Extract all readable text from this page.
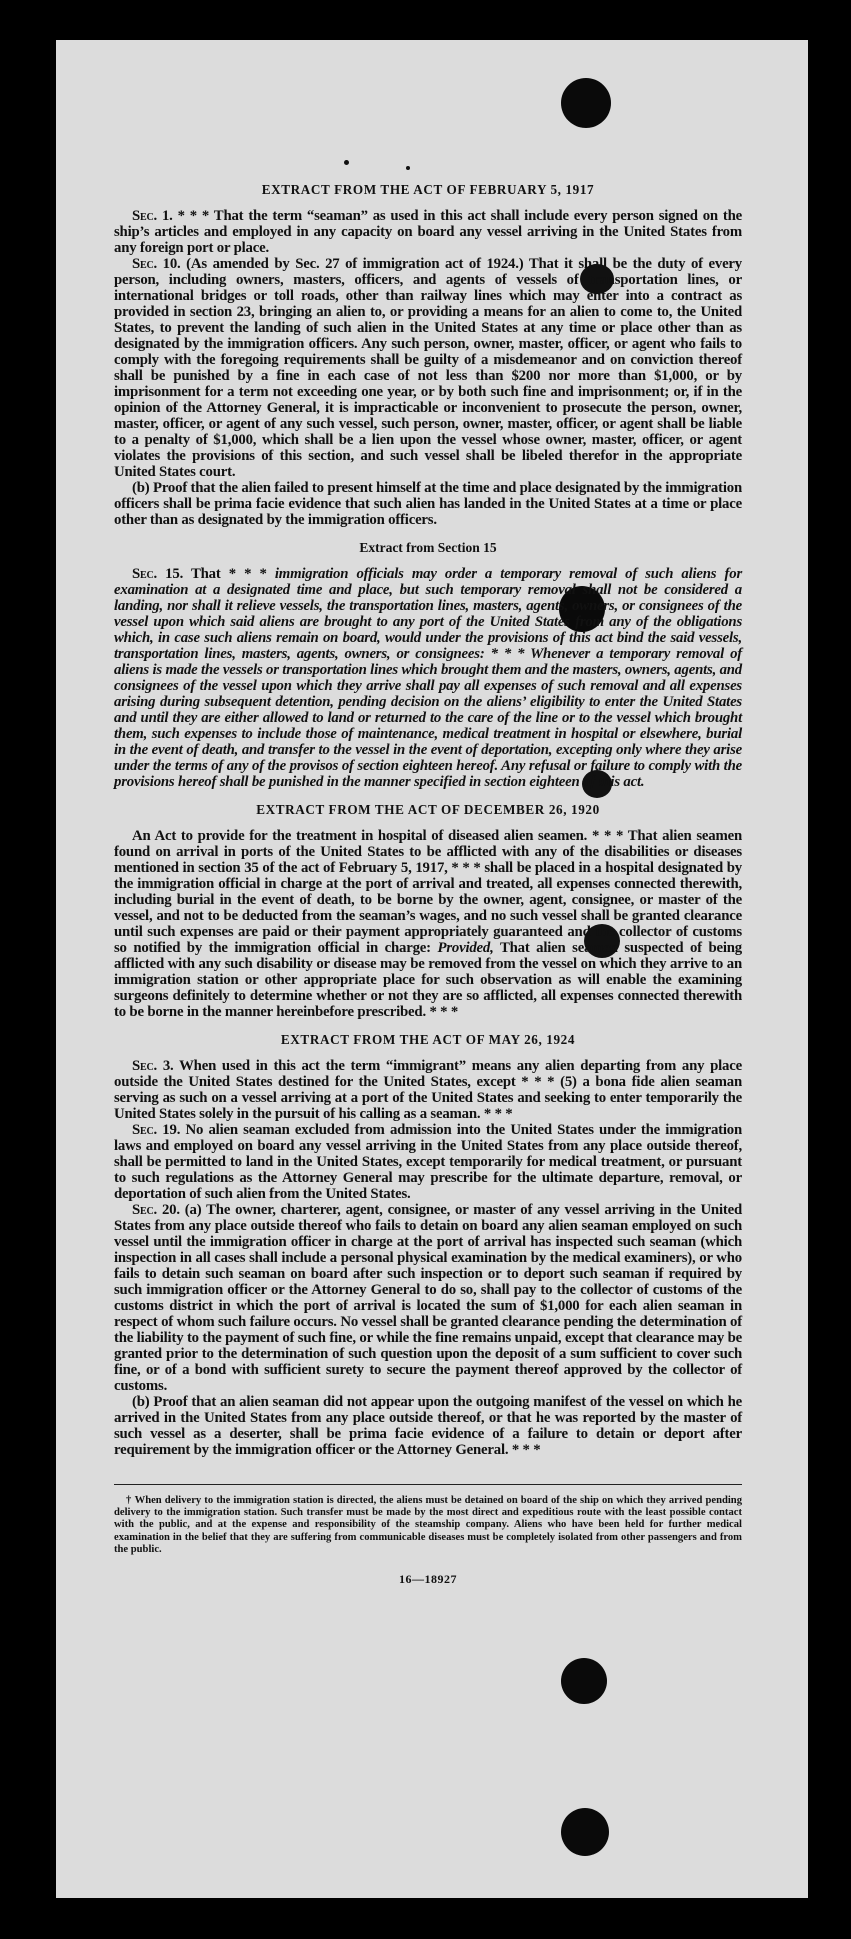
EXTRACT FROM THE ACT OF FEBRUARY 5, 1917

Sec. 1. * * * That the term “seaman” as used in this act shall include every person signed on the ship’s articles and employed in any capacity on board any vessel arriving in the United States from any foreign port or place.

Sec. 10. (As amended by Sec. 27 of immigration act of 1924.) That it shall be the duty of every person, including owners, masters, officers, and agents of vessels of transportation lines, or international bridges or toll roads, other than railway lines which may enter into a contract as provided in section 23, bringing an alien to, or providing a means for an alien to come to, the United States, to prevent the landing of such alien in the United States at any time or place other than as designated by the immigration officers. Any such person, owner, master, officer, or agent who fails to comply with the foregoing requirements shall be guilty of a misdemeanor and on conviction thereof shall be punished by a fine in each case of not less than $200 nor more than $1,000, or by imprisonment for a term not exceeding one year, or by both such fine and imprisonment; or, if in the opinion of the Attorney General, it is impracticable or inconvenient to prosecute the person, owner, master, officer, or agent of any such vessel, such person, owner, master, officer, or agent shall be liable to a penalty of $1,000, which shall be a lien upon the vessel whose owner, master, officer, or agent violates the provisions of this section, and such vessel shall be libeled therefor in the appropriate United States court.

(b) Proof that the alien failed to present himself at the time and place designated by the immigration officers shall be prima facie evidence that such alien has landed in the United States at a time or place other than as designated by the immigration officers.

Extract from Section 15

Sec. 15. That * * * immigration officials may order a temporary removal of such aliens for examination at a designated time and place, but such temporary removal shall not be considered a landing, nor shall it relieve vessels, the transportation lines, masters, agents, owners, or consignees of the vessel upon which said aliens are brought to any port of the United States from any of the obligations which, in case such aliens remain on board, would under the provisions of this act bind the said vessels, transportation lines, masters, agents, owners, or consignees: * * * Whenever a temporary removal of aliens is made the vessels or transportation lines which brought them and the masters, owners, agents, and consignees of the vessel upon which they arrive shall pay all expenses of such removal and all expenses arising during subsequent detention, pending decision on the aliens’ eligibility to enter the United States and until they are either allowed to land or returned to the care of the line or to the vessel which brought them, such expenses to include those of maintenance, medical treatment in hospital or elsewhere, burial in the event of death, and transfer to the vessel in the event of deportation, excepting only where they arise under the terms of any of the provisos of section eighteen hereof. Any refusal or failure to comply with the provisions hereof shall be punished in the manner specified in section eighteen of this act.

EXTRACT FROM THE ACT OF DECEMBER 26, 1920

An Act to provide for the treatment in hospital of diseased alien seamen. * * * That alien seamen found on arrival in ports of the United States to be afflicted with any of the disabilities or diseases mentioned in section 35 of the act of February 5, 1917, * * * shall be placed in a hospital designated by the immigration official in charge at the port of arrival and treated, all expenses connected therewith, including burial in the event of death, to be borne by the owner, agent, consignee, or master of the vessel, and not to be deducted from the seaman’s wages, and no such vessel shall be granted clearance until such expenses are paid or their payment appropriately guaranteed and the collector of customs so notified by the immigration official in charge: Provided, That alien seamen suspected of being afflicted with any such disability or disease may be removed from the vessel on which they arrive to an immigration station or other appropriate place for such observation as will enable the examining surgeons definitely to determine whether or not they are so afflicted, all expenses connected therewith to be borne in the manner hereinbefore prescribed. * * *

EXTRACT FROM THE ACT OF MAY 26, 1924

Sec. 3. When used in this act the term “immigrant” means any alien departing from any place outside the United States destined for the United States, except * * * (5) a bona fide alien seaman serving as such on a vessel arriving at a port of the United States and seeking to enter temporarily the United States solely in the pursuit of his calling as a seaman. * * *

Sec. 19. No alien seaman excluded from admission into the United States under the immigration laws and employed on board any vessel arriving in the United States from any place outside thereof, shall be permitted to land in the United States, except temporarily for medical treatment, or pursuant to such regulations as the Attorney General may prescribe for the ultimate departure, removal, or deportation of such alien from the United States.

Sec. 20. (a) The owner, charterer, agent, consignee, or master of any vessel arriving in the United States from any place outside thereof who fails to detain on board any alien seaman employed on such vessel until the immigration officer in charge at the port of arrival has inspected such seaman (which inspection in all cases shall include a personal physical examination by the medical examiners), or who fails to detain such seaman on board after such inspection or to deport such seaman if required by such immigration officer or the Attorney General to do so, shall pay to the collector of customs of the customs district in which the port of arrival is located the sum of $1,000 for each alien seaman in respect of whom such failure occurs. No vessel shall be granted clearance pending the determination of the liability to the payment of such fine, or while the fine remains unpaid, except that clearance may be granted prior to the determination of such question upon the deposit of a sum sufficient to cover such fine, or of a bond with sufficient surety to secure the payment thereof approved by the collector of customs.

(b) Proof that an alien seaman did not appear upon the outgoing manifest of the vessel on which he arrived in the United States from any place outside thereof, or that he was reported by the master of such vessel as a deserter, shall be prima facie evidence of a failure to detain or deport after requirement by the immigration officer or the Attorney General. * * *

† When delivery to the immigration station is directed, the aliens must be detained on board of the ship on which they arrived pending delivery to the immigration station. Such transfer must be made by the most direct and expeditious route with the least possible contact with the public, and at the expense and responsibility of the steamship company. Aliens who have been held for further medical examination in the belief that they are suffering from communicable diseases must be completely isolated from other passengers and from the public.

16—18927
